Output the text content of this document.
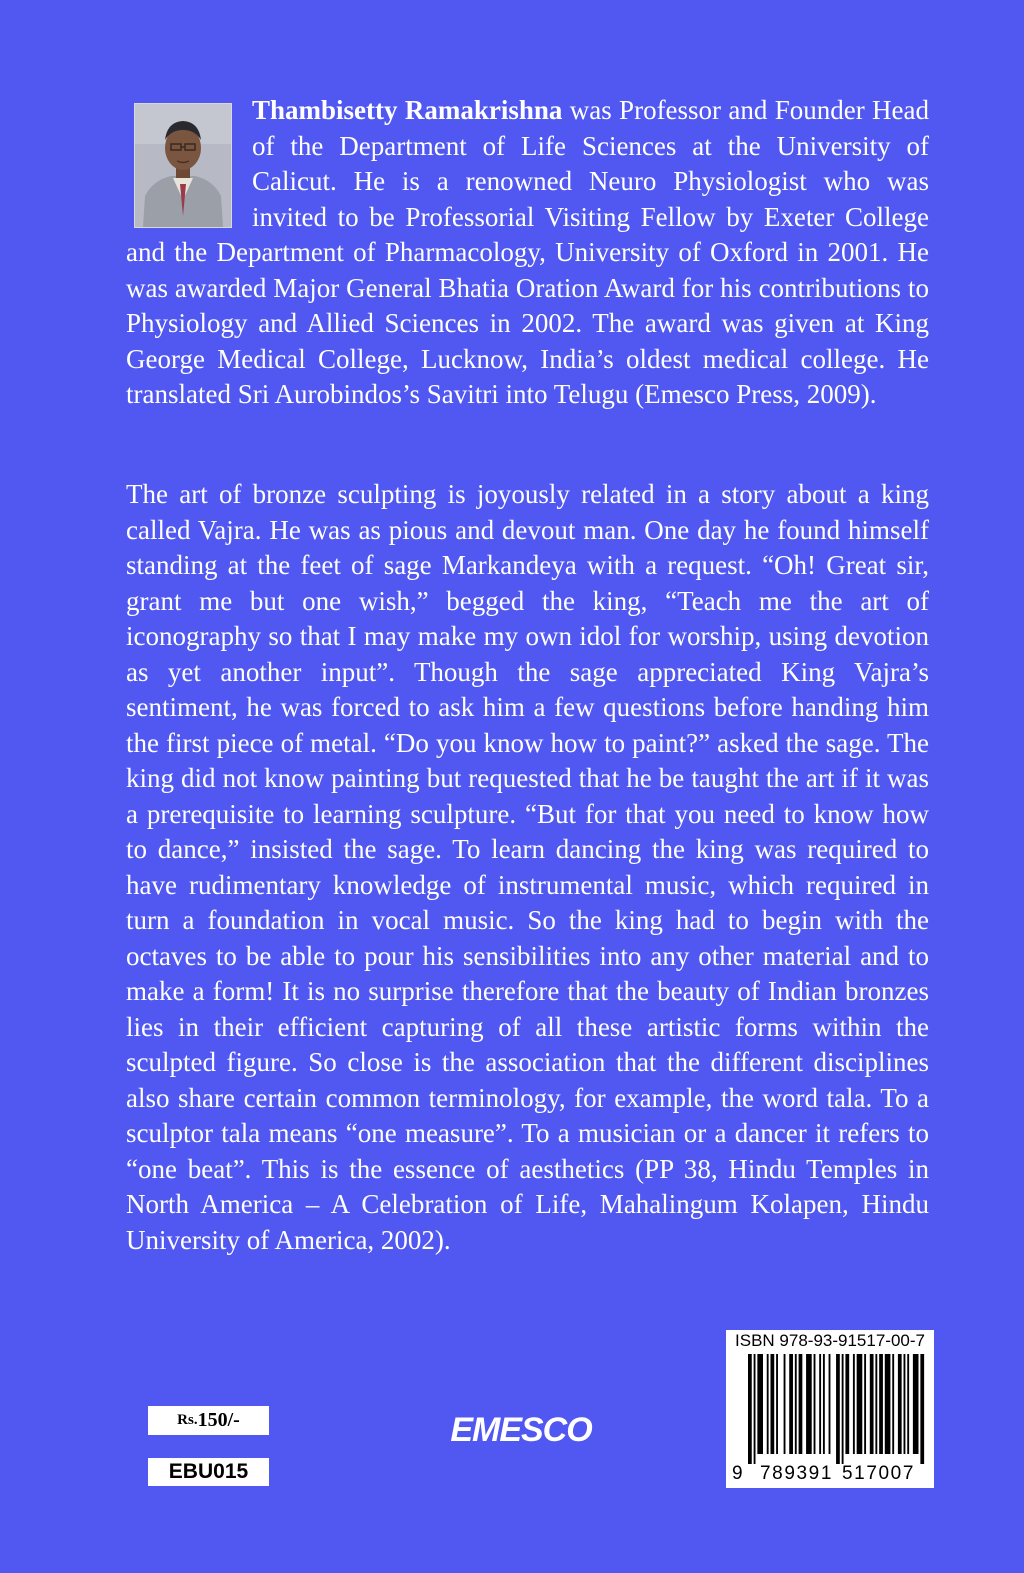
Thambisetty Ramakrishna was Professor and Founder Head of the Department of Life Sciences at the University of Calicut. He is a renowned Neuro Physiologist who was invited to be Professorial Visiting Fellow by Exeter College and the Department of Pharmacology, University of Oxford in 2001. He was awarded Major General Bhatia Oration Award for his contributions to Physiology and Allied Sciences in 2002. The award was given at King George Medical College, Lucknow, India’s oldest medical college. He translated Sri Aurobindos’s Savitri into Telugu (Emesco Press, 2009).
The art of bronze sculpting is joyously related in a story about a king called Vajra. He was as pious and devout man. One day he found himself standing at the feet of sage Markandeya with a request. “Oh! Great sir, grant me but one wish,” begged the king, “Teach me the art of iconography so that I may make my own idol for worship, using devotion as yet another input”. Though the sage appreciated King Vajra’s sentiment, he was forced to ask him a few questions before handing him the first piece of metal. “Do you know how to paint?” asked the sage. The king did not know painting but requested that he be taught the art if it was a prerequisite to learning sculpture. “But for that you need to know how to dance,” insisted the sage. To learn dancing the king was required to have rudimentary knowledge of instrumental music, which required in turn a foundation in vocal music. So the king had to begin with the octaves to be able to pour his sensibilities into any other material and to make a form! It is no surprise therefore that the beauty of Indian bronzes lies in their efficient capturing of all these artistic forms within the sculpted figure. So close is the association that the different disciplines also share certain common terminology, for example, the word tala. To a sculptor tala means “one measure”. To a musician or a dancer it refers to “one beat”. This is the essence of aesthetics (PP 38, Hindu Temples in North America – A Celebration of Life, Mahalingum Kolapen, Hindu University of America, 2002).
Rs. 150/-
EBU015
EMESCO
ISBN 978-93-91517-00-7
9 789391 517007
